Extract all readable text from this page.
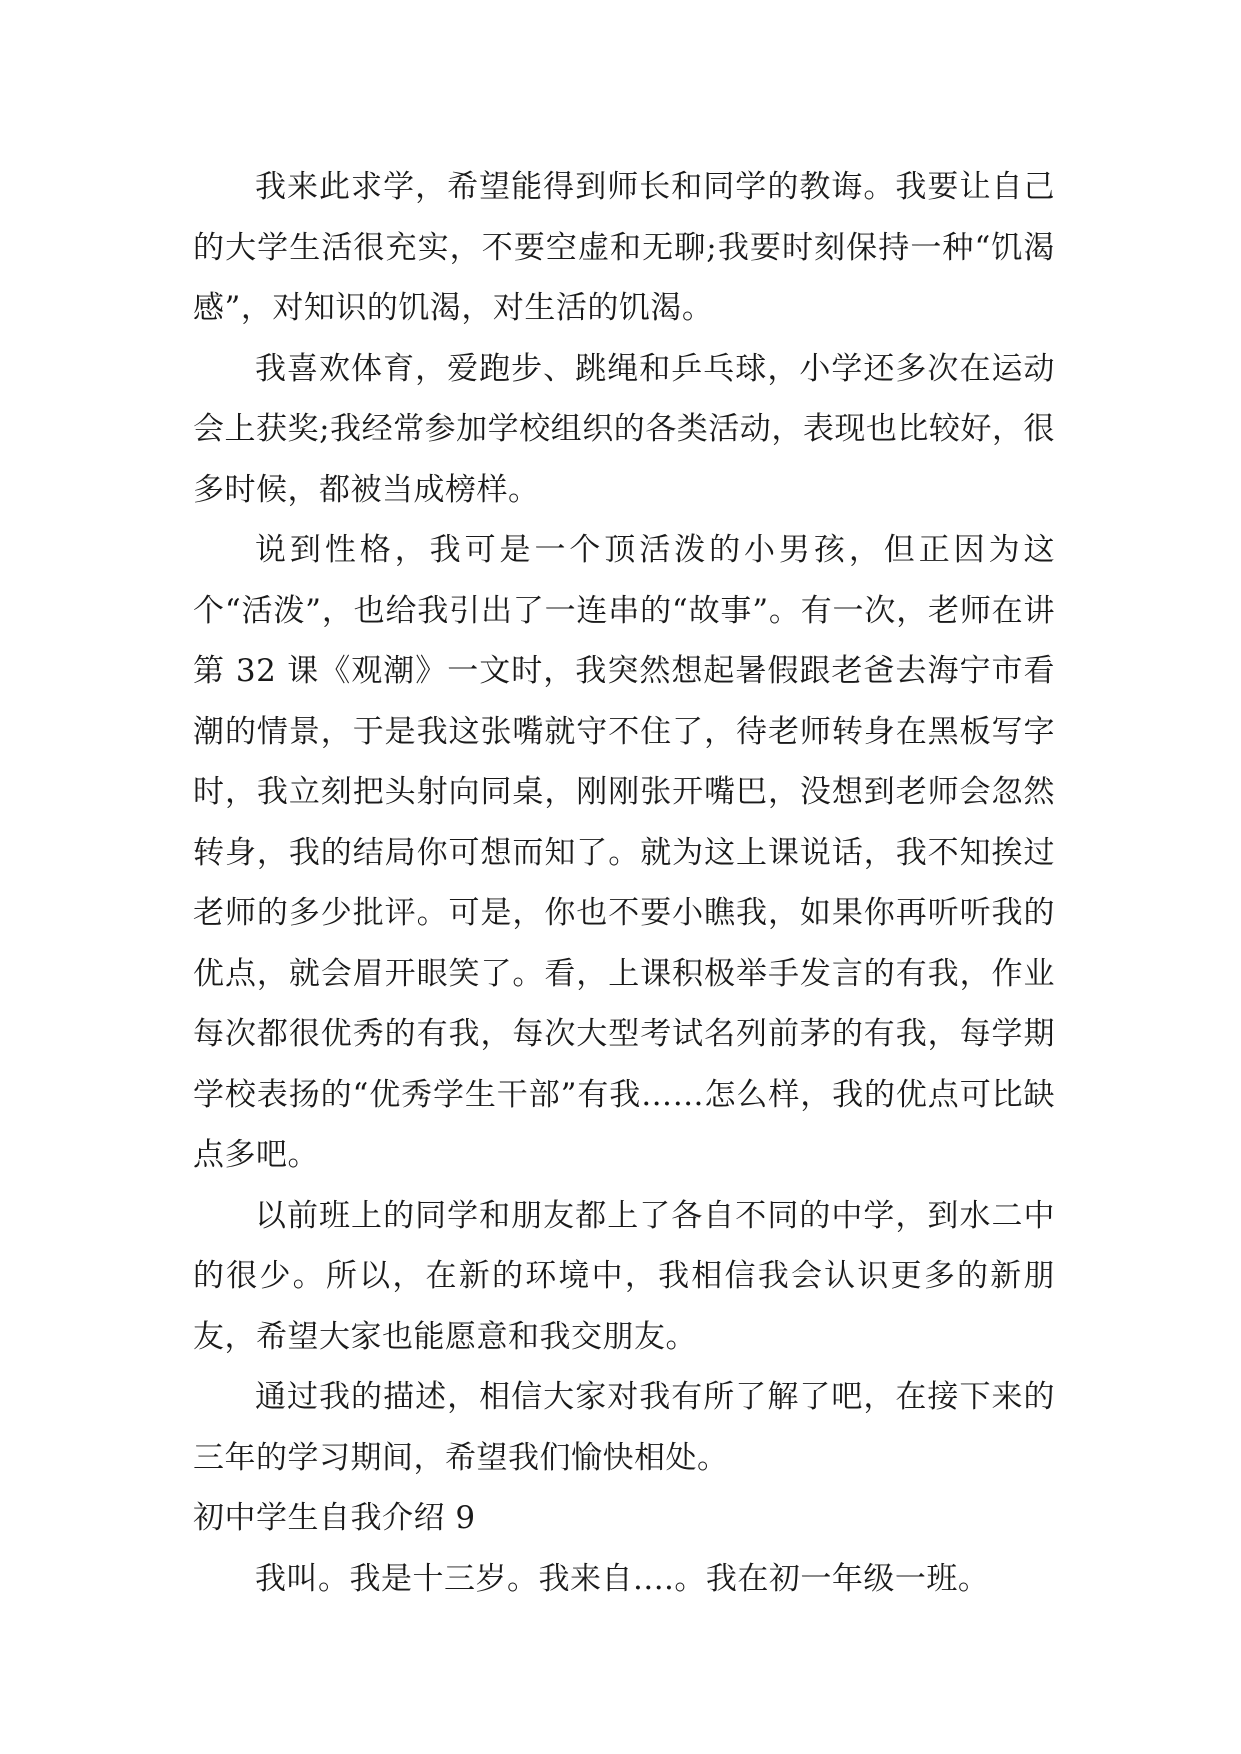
我来此求学，希望能得到师长和同学的教诲。我要让自己的大学生活很充实，不要空虚和无聊;我要时刻保持一种“饥渴感”，对知识的饥渴，对生活的饥渴。

我喜欢体育，爱跑步、跳绳和乒乓球，小学还多次在运动会上获奖;我经常参加学校组织的各类活动，表现也比较好，很多时候，都被当成榜样。

说到性格，我可是一个顶活泼的小男孩，但正因为这个“活泼”，也给我引出了一连串的“故事”。有一次，老师在讲第 32 课《观潮》一文时，我突然想起暑假跟老爸去海宁市看潮的情景，于是我这张嘴就守不住了，待老师转身在黑板写字时，我立刻把头射向同桌，刚刚张开嘴巴，没想到老师会忽然转身，我的结局你可想而知了。就为这上课说话，我不知挨过老师的多少批评。可是，你也不要小瞧我，如果你再听听我的优点，就会眉开眼笑了。看，上课积极举手发言的有我，作业每次都很优秀的有我，每次大型考试名列前茅的有我，每学期学校表扬的“优秀学生干部”有我……怎么样，我的优点可比缺点多吧。

以前班上的同学和朋友都上了各自不同的中学，到水二中的很少。所以，在新的环境中，我相信我会认识更多的新朋友，希望大家也能愿意和我交朋友。

通过我的描述，相信大家对我有所了解了吧，在接下来的三年的学习期间，希望我们愉快相处。

初中学生自我介绍 9

我叫。我是十三岁。我来自....。我在初一年级一班。
